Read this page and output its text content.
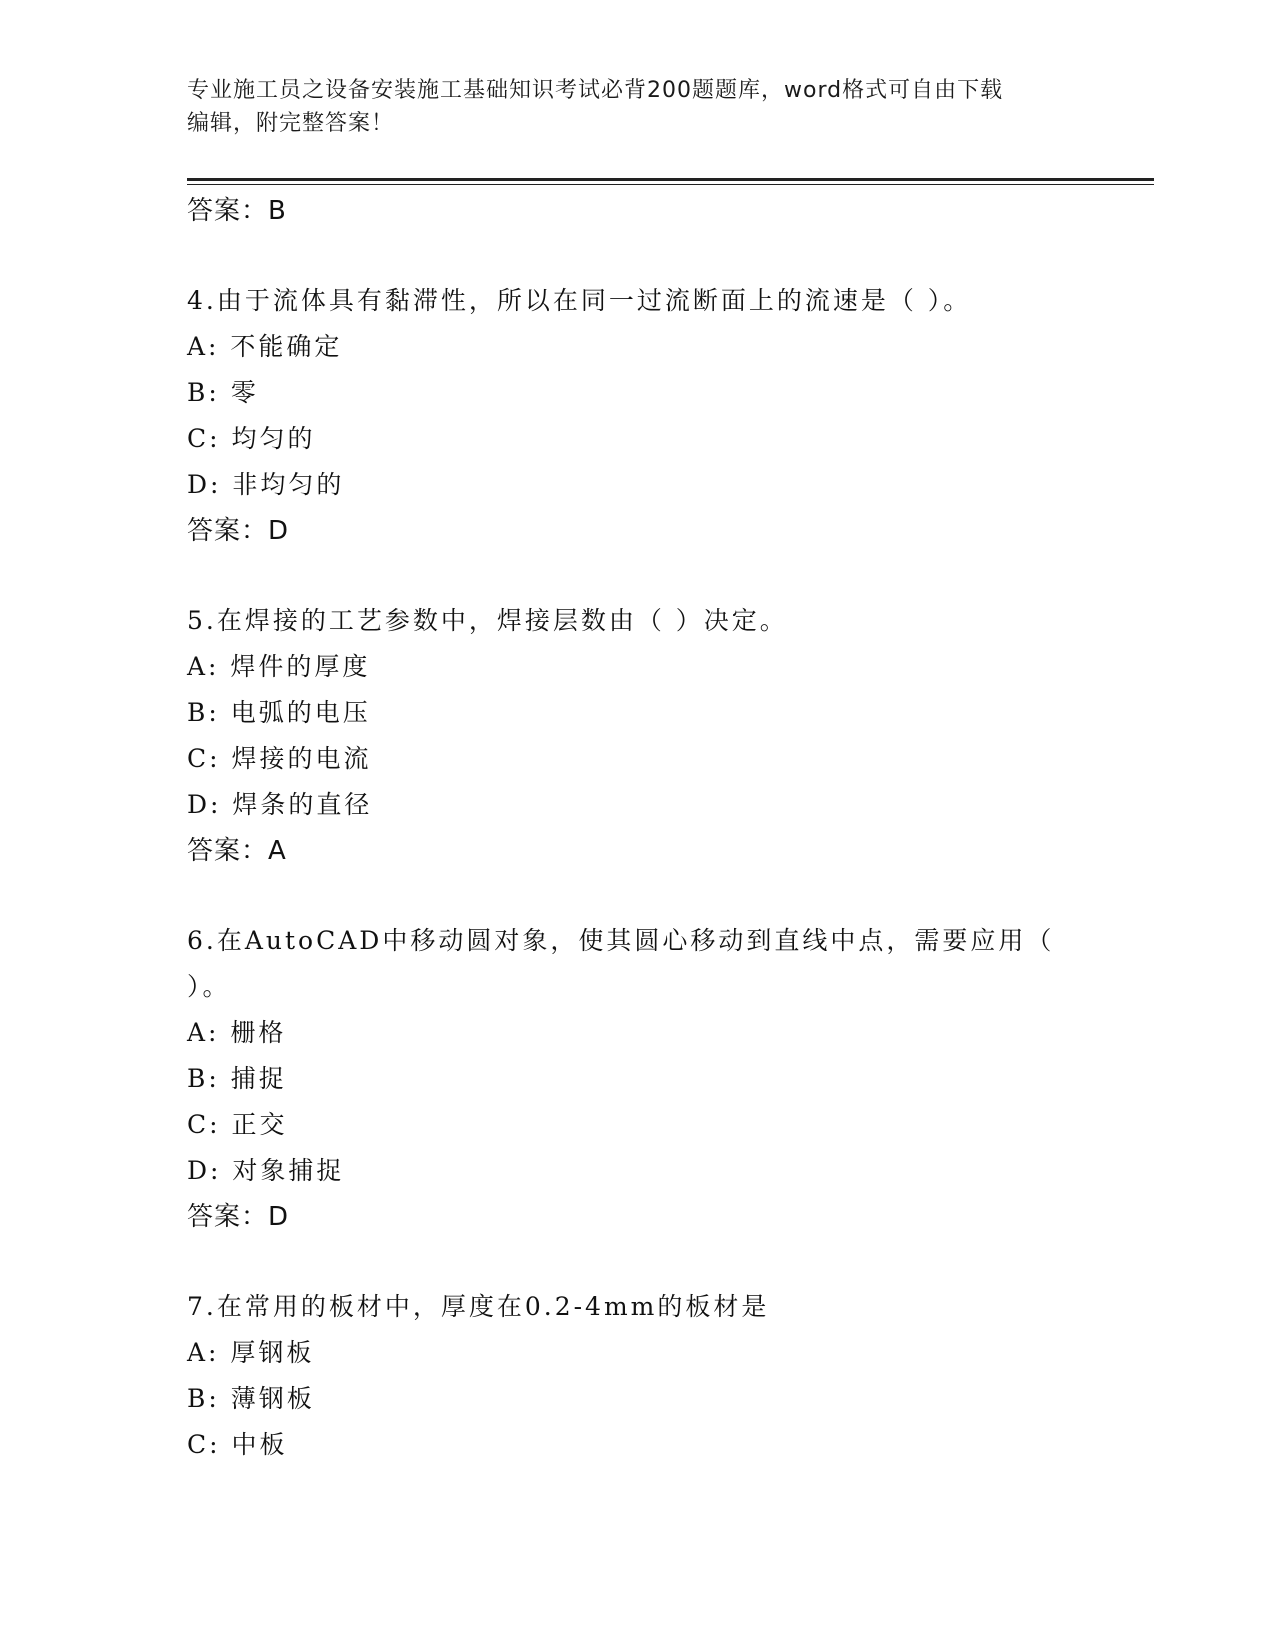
专业施工员之设备安装施工基础知识考试必背200题题库，word格式可自由下载
编辑，附完整答案！
答案：B
4.由于流体具有黏滞性，所以在同一过流断面上的流速是（ ）。
A: 不能确定
B: 零
C: 均匀的
D: 非均匀的
答案：D
5.在焊接的工艺参数中，焊接层数由（ ）决定。
A: 焊件的厚度
B: 电弧的电压
C: 焊接的电流
D: 焊条的直径
答案：A
6.在AutoCAD中移动圆对象，使其圆心移动到直线中点，需要应用（
）。
A: 栅格
B: 捕捉
C: 正交
D: 对象捕捉
答案：D
7.在常用的板材中，厚度在0.2-4mm的板材是
A: 厚钢板
B: 薄钢板
C: 中板
